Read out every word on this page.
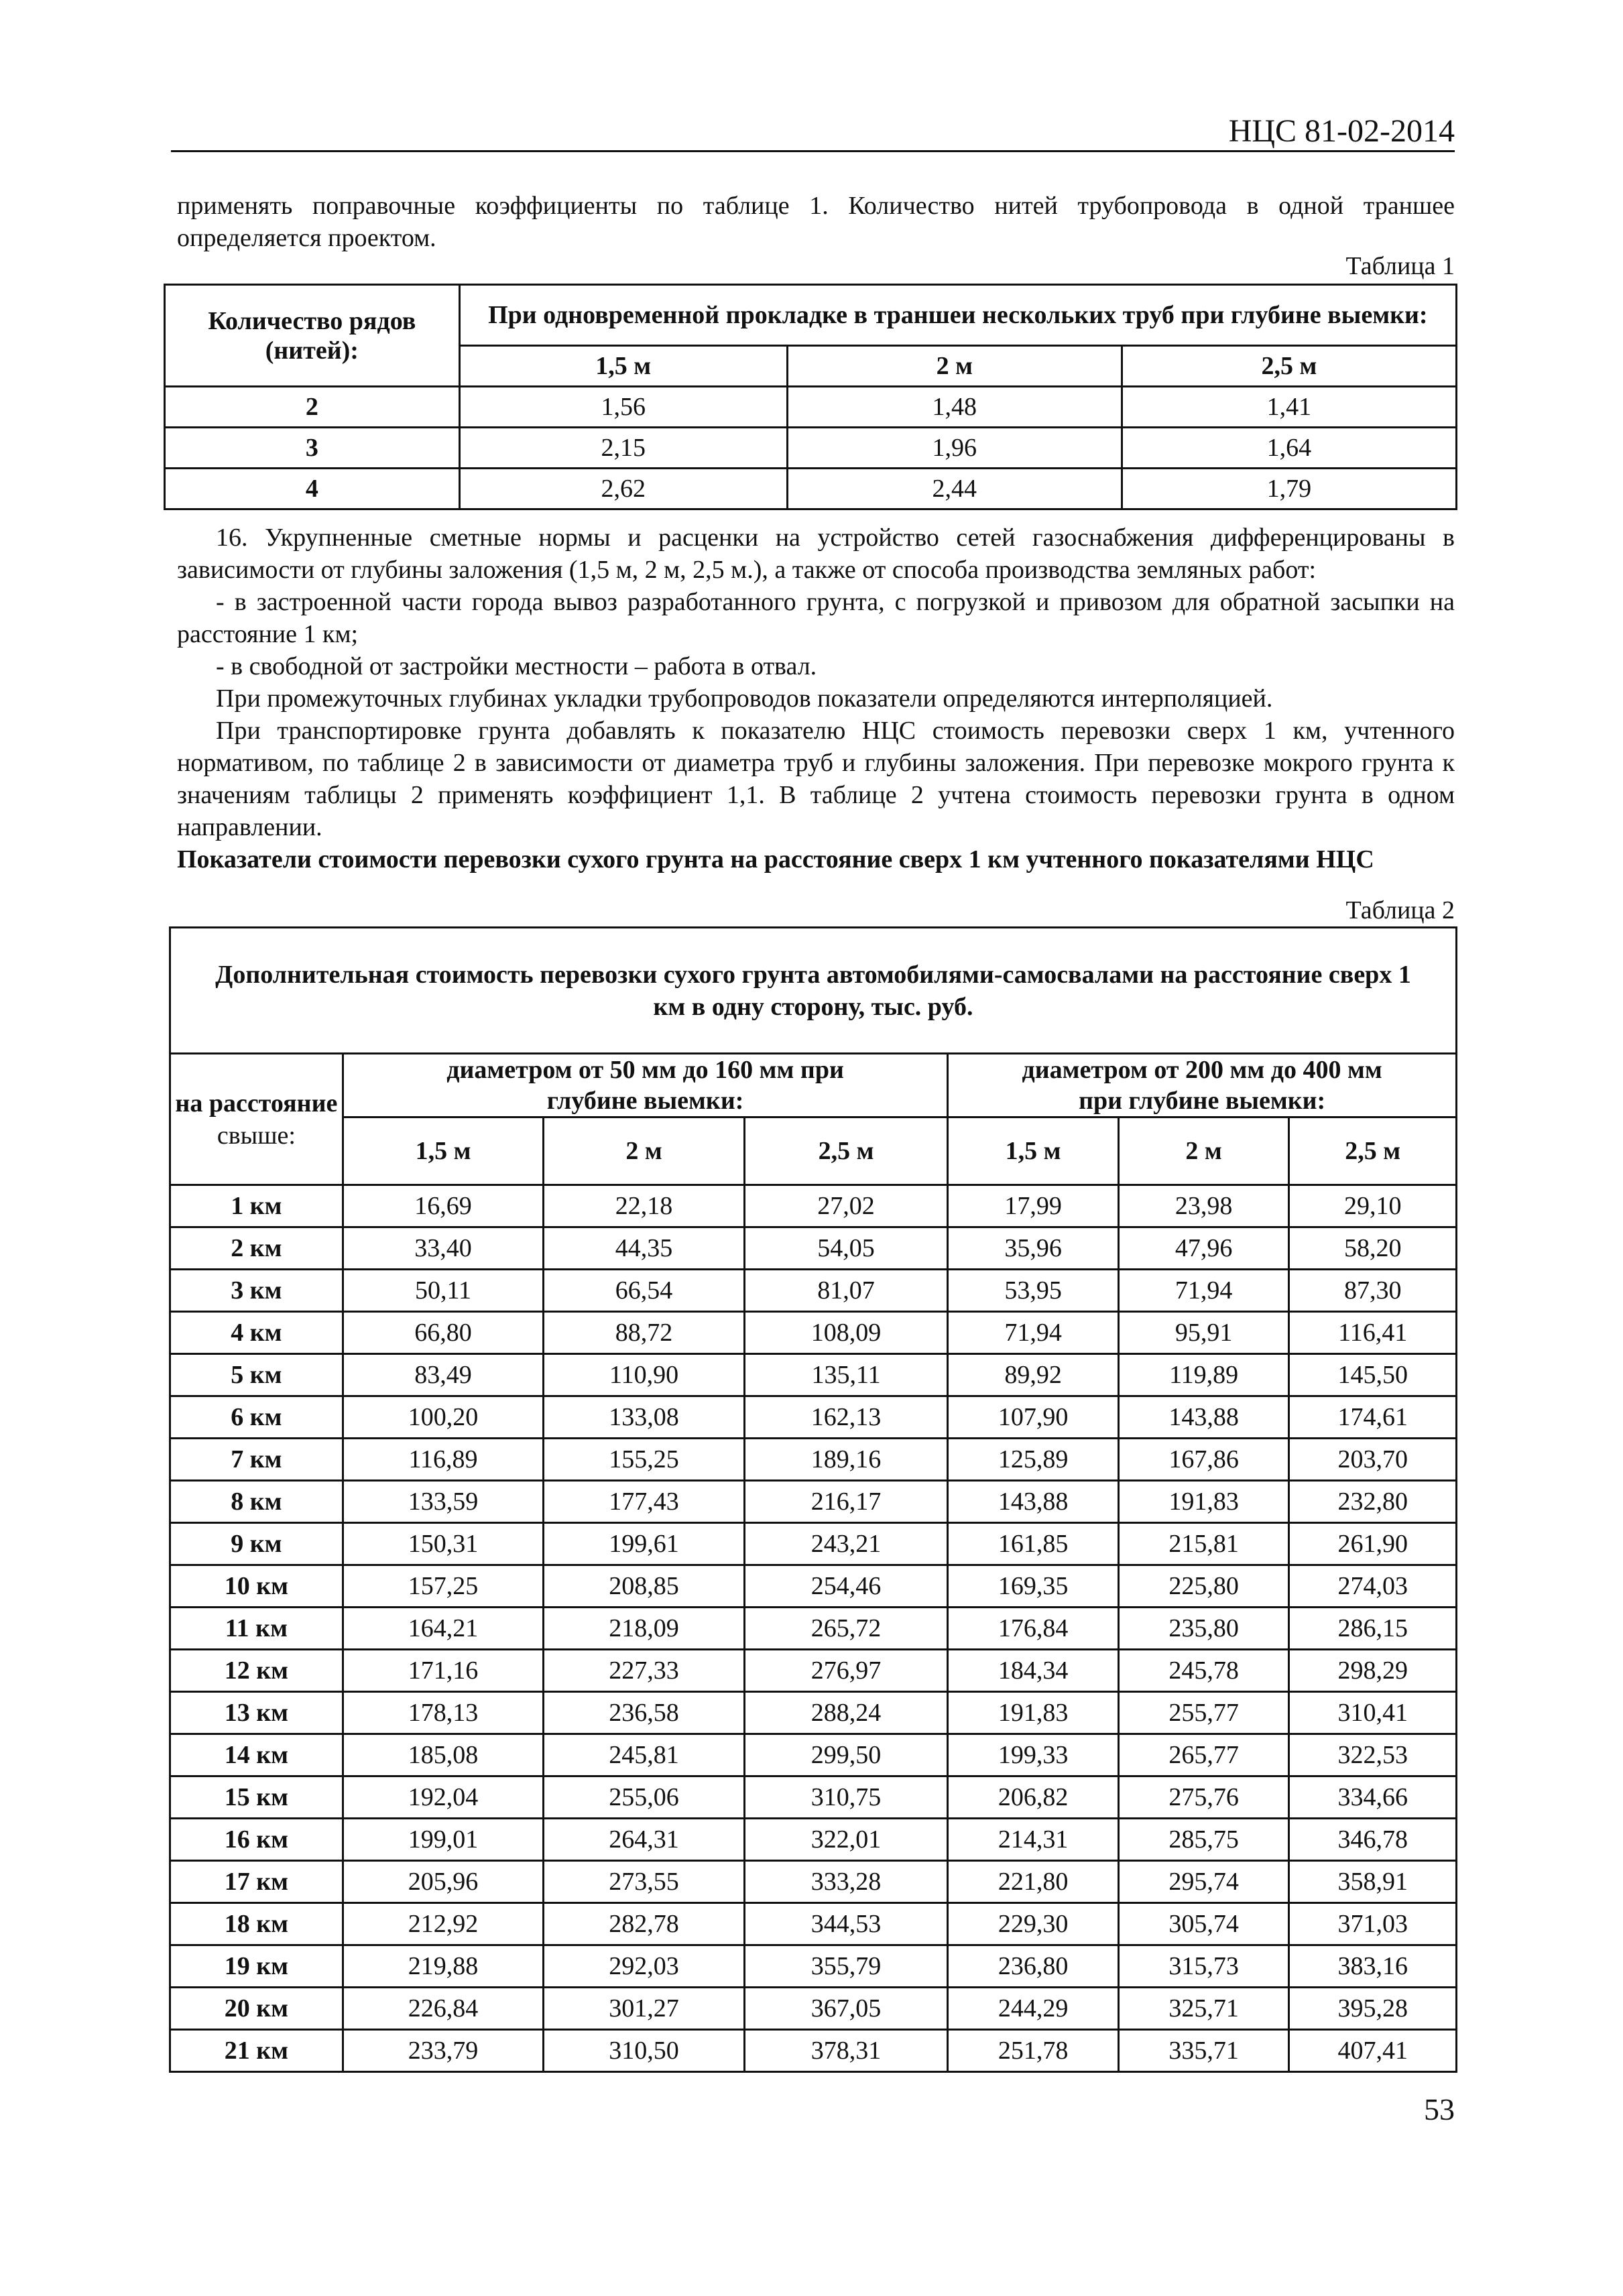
НЦС 81-02-2014

применять поправочные коэффициенты по таблице 1. Количество нитей трубопровода в одной траншее определяется проектом.

Таблица 1
Количество рядов (нитей):	При одновременной прокладке в траншеи нескольких труб при глубине выемки:		
	1,5 м	2 м	2,5 м
2	1,56	1,48	1,41
3	2,15	1,96	1,64
4	2,62	2,44	1,79

16. Укрупненные сметные нормы и расценки на устройство сетей газоснабжения дифференцированы в зависимости от глубины заложения (1,5 м, 2 м, 2,5 м.), а также от способа производства земляных работ:

- в застроенной части города вывоз разработанного грунта, с погрузкой и привозом для обратной засыпки на расстояние 1 км;

- в свободной от застройки местности – работа в отвал.

При промежуточных глубинах укладки трубопроводов показатели определяются интерполяцией.

При транспортировке грунта добавлять к показателю НЦС стоимость перевозки сверх 1 км, учтенного нормативом, по таблице 2 в зависимости от диаметра труб и глубины заложения. При перевозке мокрого грунта к значениям таблицы 2 применять коэффициент 1,1. В таблице 2 учтена стоимость перевозки грунта в одном направлении.

Показатели стоимости перевозки сухого грунта на расстояние сверх 1 км учтенного показателями НЦС

Таблица 2
Дополнительная стоимость перевозки сухого грунта автомобилями-самосвалами на расстояние сверх 1 км в одну сторону, тыс. руб.						

на расстояние
свыше:	диаметром от 50 мм до 160 мм при глубине выемки:			диаметром от 200 мм до 400 мм при глубине выемки:		
	1,5 м	2 м	2,5 м	1,5 м	2 м	2,5 м
1 км	16,69	22,18	27,02	17,99	23,98	29,10
2 км	33,40	44,35	54,05	35,96	47,96	58,20
3 км	50,11	66,54	81,07	53,95	71,94	87,30
4 км	66,80	88,72	108,09	71,94	95,91	116,41
5 км	83,49	110,90	135,11	89,92	119,89	145,50
6 км	100,20	133,08	162,13	107,90	143,88	174,61
7 км	116,89	155,25	189,16	125,89	167,86	203,70
8 км	133,59	177,43	216,17	143,88	191,83	232,80
9 км	150,31	199,61	243,21	161,85	215,81	261,90
10 км	157,25	208,85	254,46	169,35	225,80	274,03
11 км	164,21	218,09	265,72	176,84	235,80	286,15
12 км	171,16	227,33	276,97	184,34	245,78	298,29
13 км	178,13	236,58	288,24	191,83	255,77	310,41
14 км	185,08	245,81	299,50	199,33	265,77	322,53
15 км	192,04	255,06	310,75	206,82	275,76	334,66
16 км	199,01	264,31	322,01	214,31	285,75	346,78
17 км	205,96	273,55	333,28	221,80	295,74	358,91
18 км	212,92	282,78	344,53	229,30	305,74	371,03
19 км	219,88	292,03	355,79	236,80	315,73	383,16
20 км	226,84	301,27	367,05	244,29	325,71	395,28
21 км	233,79	310,50	378,31	251,78	335,71	407,41
53
